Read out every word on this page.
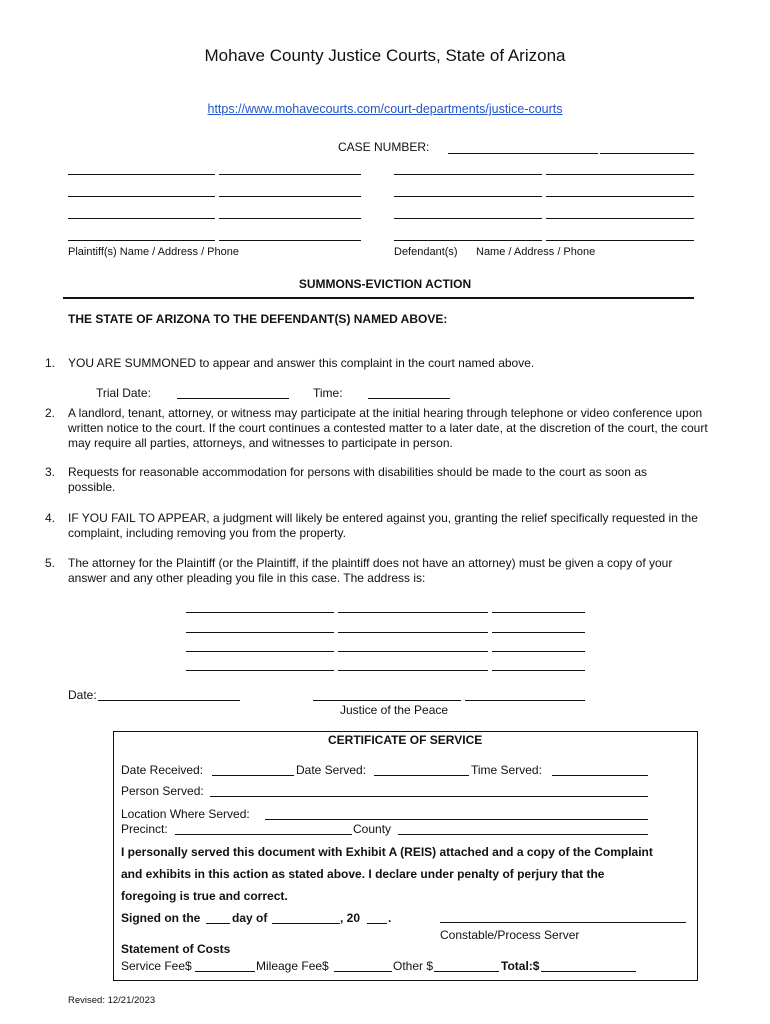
Mohave County Justice Courts, State of Arizona
https://www.mohavecourts.com/court-departments/justice-courts
CASE NUMBER:
Plaintiff(s) Name / Address / Phone	Defendant(s) Name / Address / Phone
SUMMONS-EVICTION ACTION
THE STATE OF ARIZONA TO THE DEFENDANT(S) NAMED ABOVE:
1. YOU ARE SUMMONED to appear and answer this complaint in the court named above.
Trial Date:	Time:
2. A landlord, tenant, attorney, or witness may participate at the initial hearing through telephone or video conference upon written notice to the court. If the court continues a contested matter to a later date, at the discretion of the court, the court may require all parties, attorneys, and witnesses to participate in person.
3. Requests for reasonable accommodation for persons with disabilities should be made to the court as soon as possible.
4. IF YOU FAIL TO APPEAR, a judgment will likely be entered against you, granting the relief specifically requested in the complaint, including removing you from the property.
5. The attorney for the Plaintiff (or the Plaintiff, if the plaintiff does not have an attorney) must be given a copy of your answer and any other pleading you file in this case. The address is:
Date:
Justice of the Peace
CERTIFICATE OF SERVICE
Date Received:	Date Served:	Time Served:
Person Served:
Location Where Served:
Precinct:	County
I personally served this document with Exhibit A (REIS) attached and a copy of the Complaint
and exhibits in this action as stated above. I declare under penalty of perjury that the
foregoing is true and correct.
Signed on the	day of	, 20 .
Constable/Process Server
Statement of Costs
Service Fee$	Mileage Fee$	Other $	Total:$
Revised: 12/21/2023
